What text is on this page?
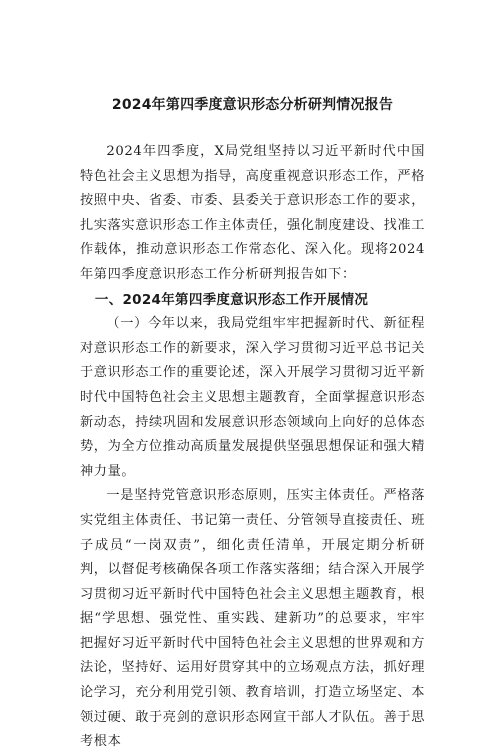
2024年第四季度意识形态分析研判情况报告

2024年四季度，X局党组坚持以习近平新时代中国特色社会主义思想为指导，高度重视意识形态工作，严格按照中央、省委、市委、县委关于意识形态工作的要求，扎实落实意识形态工作主体责任，强化制度建设、找准工作载体，推动意识形态工作常态化、深入化。现将2024年第四季度意识形态工作分析研判报告如下：

一、2024年第四季度意识形态工作开展情况

（一）今年以来，我局党组牢牢把握新时代、新征程对意识形态工作的新要求，深入学习贯彻习近平总书记关于意识形态工作的重要论述，深入开展学习贯彻习近平新时代中国特色社会主义思想主题教育，全面掌握意识形态新动态，持续巩固和发展意识形态领域向上向好的总体态势，为全方位推动高质量发展提供坚强思想保证和强大精神力量。

一是坚持党管意识形态原则，压实主体责任。严格落实党组主体责任、书记第一责任、分管领导直接责任、班子成员“一岗双责”，细化责任清单，开展定期分析研判，以督促考核确保各项工作落实落细；结合深入开展学习贯彻习近平新时代中国特色社会主义思想主题教育，根据“学思想、强党性、重实践、建新功”的总要求，牢牢把握好习近平新时代中国特色社会主义思想的世界观和方法论，坚持好、运用好贯穿其中的立场观点方法，抓好理论学习，充分利用党引领、教育培训，打造立场坚定、本领过硬、敢于亮剑的意识形态网宣干部人才队伍。善于思考根本
